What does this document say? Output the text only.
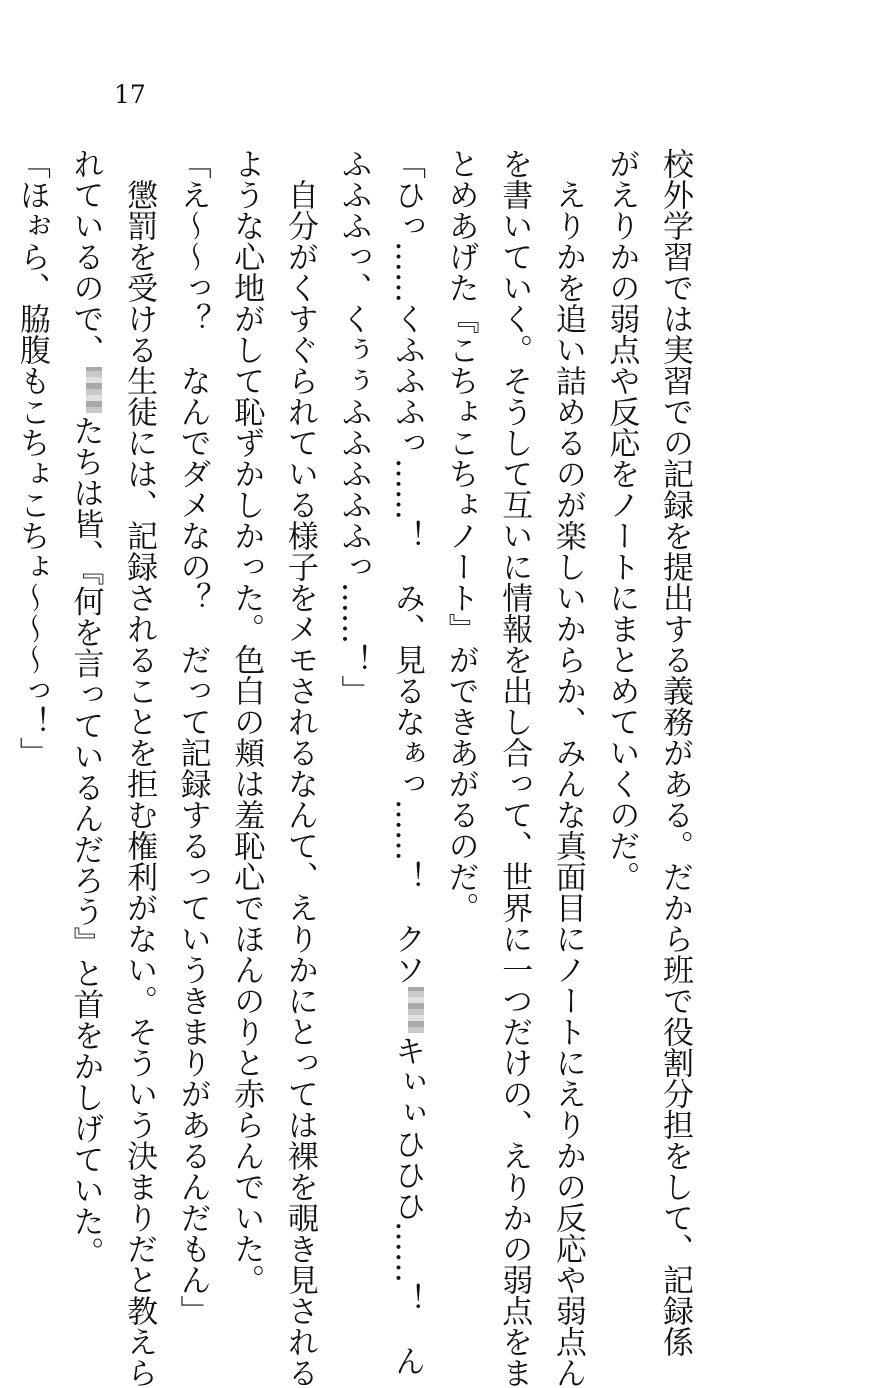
17
校外学習では実習での記録を提出する義務がある。だから班で役割分担をして、記録係
がえりかの弱点や反応をノートにまとめていくのだ。
　えりかを追い詰めるのが楽しいからか、みんな真面目にノートにえりかの反応や弱点ん
を書いていく。そうして互いに情報を出し合って、世界に一つだけの、えりかの弱点をま
とめあげた『こちょこちょノート』ができあがるのだ。
「ひっ……くふふふっ……！　み、見るなぁっ……！　クソキぃぃひひひ……！　ん
ふふふっ、くぅぅふふふふふっ……！」
　自分がくすぐられている様子をメモされるなんて、えりかにとっては裸を覗き見される
ような心地がして恥ずかしかった。色白の頬は羞恥心でほんのりと赤らんでいた。
「え～～っ？　なんでダメなの？　だって記録するっていうきまりがあるんだもん」
　懲罰を受ける生徒には、記録されることを拒む権利がない。そういう決まりだと教えら
れているので、たちは皆、『何を言っているんだろう』と首をかしげていた。
「ほぉら、脇腹もこちょこちょ～～～っ！」
